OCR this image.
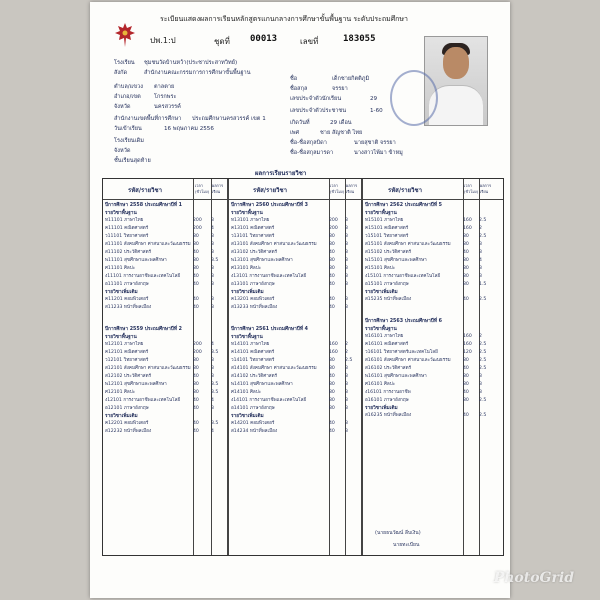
ระเบียนแสดงผลการเรียนหลักสูตรแกนกลางการศึกษาขั้นพื้นฐาน ระดับประถมศึกษา
ปพ.1:ป	ชุดที่ 00013	เลขที่	183055
โรงเรียน ชุมชนวัดบ้านหว้า(ประชาประสาทวิทย์)
สังกัด	สำนักงานคณะกรรมการการศึกษาขั้นพื้นฐาน
ตำบล/แขวง ตาลตาย
อำเภอ/เขต โกรกพระ
จังหวัด	นครสวรรค์
สำนักงานเขตพื้นที่การศึกษา ประถมศึกษานครสวรรค์ เขต 1
วันเข้าเรียน	16 พฤษภาคม 2556
โรงเรียนเดิม
จังหวัด
ชั้นเรียนสุดท้าย
ชื่อ	เด็กชายกิตติภูมิ
ชื่อสกุล	จรรยา
เลขประจำตัวนักเรียน	29
เลขประจำตัวประชาชน	1-60
เกิดวันที่	29 เดือน
เพศ	ชาย สัญชาติ ไทย
ชื่อ-ชื่อสกุลบิดา	นายสุชาติ จรรยา
ชื่อ-ชื่อสกุลมารดา	นางสาวไพ้มา ข้าหมู
ผลการเรียนรายวิชา
รหัส/รายวิชา
เวลา (ชั่วโมง)
ผลการเรียน	รหัส/รายวิชา
เวลา (ชั่วโมง)
ผลการเรียน	รหัส/รายวิชา
เวลา (ชั่วโมง)
ผลการเรียน
ปีการศึกษา 2558 ประถมศึกษาปีที่ 1
รายวิชาพื้นฐาน
ท11101 ภาษาไทย	200 3
ค11101 คณิตศาสตร์	200 4
ว11101 วิทยาศาสตร์	80	3
ส11101 สังคมศึกษา ศาสนาและวัฒนธรรม 80	3
ส11102 ประวัติศาสตร์	40	3
พ11101 สุขศึกษาและพลศึกษา	80	3.5
ศ11101 ศิลปะ	80	3
ง11101 การงานอาชีพและเทคโนโลยี	40	3
อ11101 ภาษาอังกฤษ	40	3
รายวิชาเพิ่มเติม
ค11201 คอมพิวเตอร์	40	3
ส11233 หน้าที่พลเมือง	40	3
ปีการศึกษา 2559 ประถมศึกษาปีที่ 2
รายวิชาพื้นฐาน
ท12101 ภาษาไทย	200 4
ค12101 คณิตศาสตร์	200 3.5
ว12101 วิทยาศาสตร์	80	3
ส12101 สังคมศึกษา ศาสนาและวัฒนธรรม 80	3
ส12102 ประวัติศาสตร์	40	3
พ12101 สุขศึกษาและพลศึกษา	80	3.5
ศ12101 ศิลปะ	80	3.5
ง12101 การงานอาชีพและเทคโนโลยี	40	4
อ12101 ภาษาอังกฤษ	40	3
รายวิชาเพิ่มเติม
ค12201 คอมพิวเตอร์	40	3.5
ส12232 หน้าที่พลเมือง	40	4
ปีการศึกษา 2560 ประถมศึกษาปีที่ 3
รายวิชาพื้นฐาน
ท13101 ภาษาไทย	200 3
ค13101 คณิตศาสตร์	200 3
ว13101 วิทยาศาสตร์	80 3
ส13101 สังคมศึกษา ศาสนาและวัฒนธรรม	80 3
ส13102 ประวัติศาสตร์	40 3
พ13101 สุขศึกษาและพลศึกษา	80 3
ศ13101 ศิลปะ	80 3
ง13101 การงานอาชีพและเทคโนโลยี	40 3
อ13101 ภาษาอังกฤษ	40 3
รายวิชาเพิ่มเติม
ค13201 คอมพิวเตอร์	40 3
ส13233 หน้าที่พลเมือง	40 3
ปีการศึกษา 2561 ประถมศึกษาปีที่ 4
รายวิชาพื้นฐาน
ท14101 ภาษาไทย	160 2
ค14101 คณิตศาสตร์	160 2
ว14101 วิทยาศาสตร์	80 2.5
ส14101 สังคมศึกษา ศาสนาและวัฒนธรรม	80 3
ส14102 ประวัติศาสตร์	40 3
พ14101 สุขศึกษาและพลศึกษา	80 3
ศ14101 ศิลปะ	80 3
ง14101 การงานอาชีพและเทคโนโลยี	80 3
อ14101 ภาษาอังกฤษ	80 3
รายวิชาเพิ่มเติม
ค14201 คอมพิวเตอร์	40 3
ส14234 หน้าที่พลเมือง	40 3
ปีการศึกษา 2562 ประถมศึกษาปีที่ 5
รายวิชาพื้นฐาน
ท15101 ภาษาไทย	160 2.5
ค15101 คณิตศาสตร์	160 2
ว15101 วิทยาศาสตร์	80 2.5
ส15101 สังคมศึกษา ศาสนาและวัฒนธรรม	80 3
ส15102 ประวัติศาสตร์	40 3
พ15101 สุขศึกษาและพลศึกษา	80 4
ศ15101 ศิลปะ	80 3
ง15101 การงานอาชีพและเทคโนโลยี	80 3
อ15101 ภาษาอังกฤษ	80 1.5
รายวิชาเพิ่มเติม
ส15235 หน้าที่พลเมือง	40 2.5
ปีการศึกษา 2563 ประถมศึกษาปีที่ 6
รายวิชาพื้นฐาน
ท16101 ภาษาไทย	160 2
ค16101 คณิตศาสตร์	160 2.5
ว16101 วิทยาศาสตร์และเทคโนโลยี	120 2.5
ส16101 สังคมศึกษา ศาสนาและวัฒนธรรม	80 2.5
ส16102 ประวัติศาสตร์	40 2.5
พ16101 สุขศึกษาและพลศึกษา	80 3
ศ16101 ศิลปะ	80 3
ง16101 การงานอาชีพ	40 3
อ16101 ภาษาอังกฤษ	80 2.5
รายวิชาเพิ่มเติม
ส16235 หน้าที่พลเมือง	40 2.5
(นายธนวัฒน์ ลีบเงิน)
นายทะเบียน
PhotoGrid
